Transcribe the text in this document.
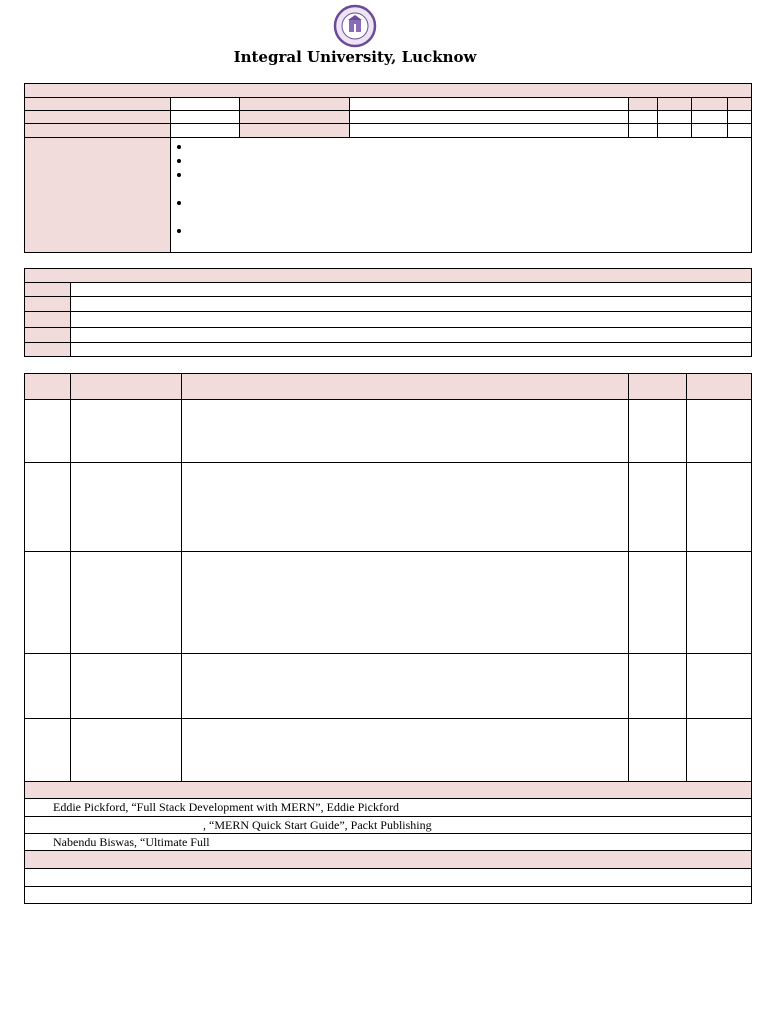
Integral University, Lucknow

•
•
•
•
•

Eddie Pickford, “Full Stack Development with MERN”, Eddie Pickford				
, “MERN Quick Start Guide”, Packt Publishing				
Nabendu Biswas, “Ultimate Full				
